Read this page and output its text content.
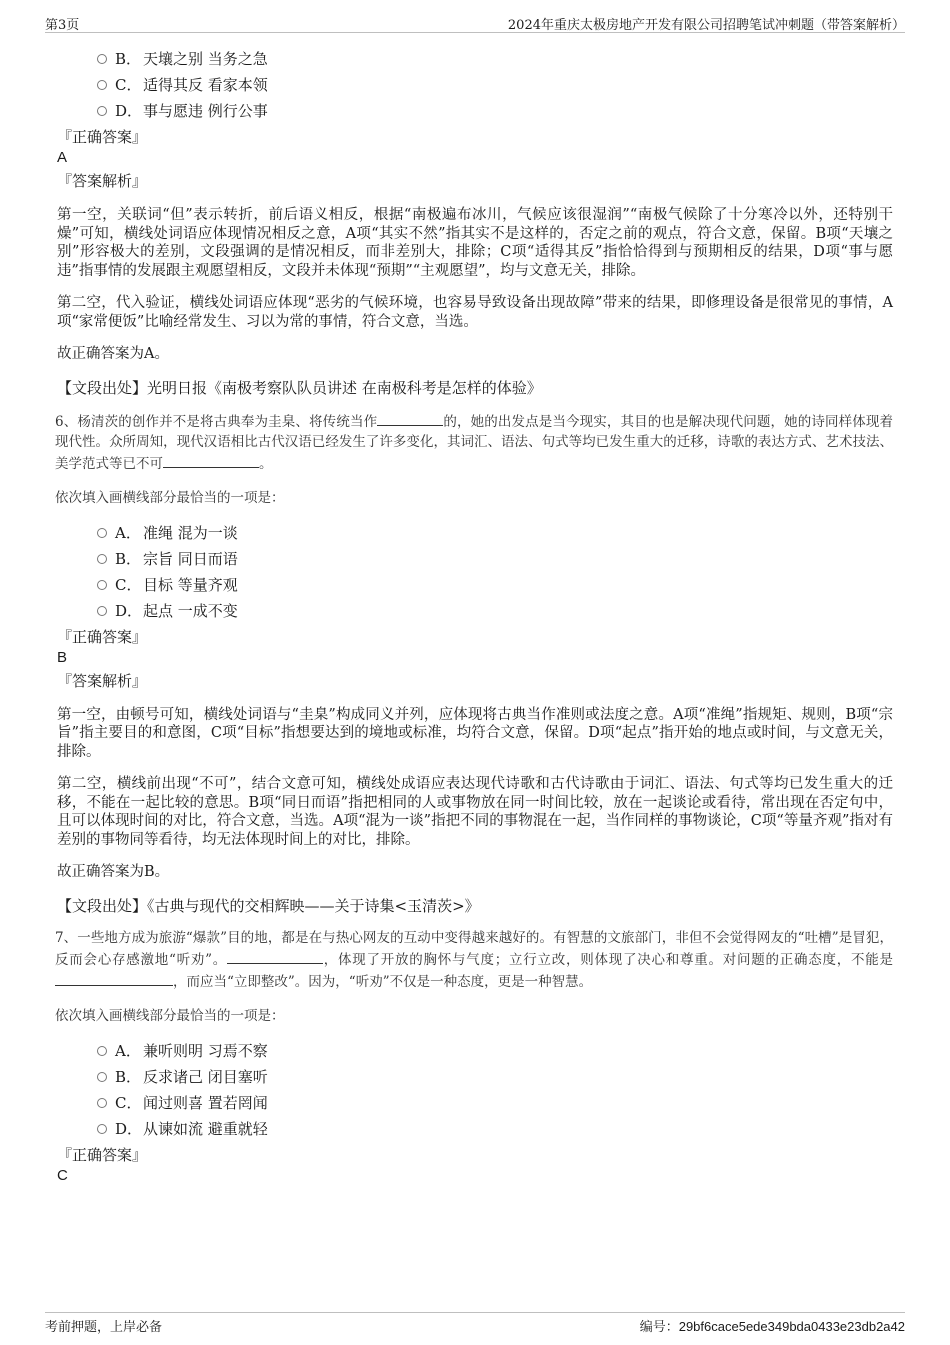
第3页	2024年重庆太极房地产开发有限公司招聘笔试冲刺题（带答案解析）
B． 天壤之别 当务之急
C． 适得其反 看家本领
D．事与愿违 例行公事
『正确答案』
A
『答案解析』

第一空，关联词“但”表示转折，前后语义相反，根据“南极遍布冰川，气候应该很湿润”“南极气候除了十分寒冷以外，还特别干燥”可知，横线处词语应体现情况相反之意，A项“其实不然”指其实不是这样的，否定之前的观点，符合文意，保留。B项“天壤之别”形容极大的差别，文段强调的是情况相反，而非差别大，排除；C项“适得其反”指恰恰得到与预期相反的结果，D项“事与愿违”指事情的发展跟主观愿望相反，文段并未体现“预期”“主观愿望”，均与文意无关，排除。

第二空，代入验证，横线处词语应体现“恶劣的气候环境，也容易导致设备出现故障”带来的结果，即修理设备是很常见的事情，A项“家常便饭”比喻经常发生、习以为常的事情，符合文意，当选。

故正确答案为A。

【文段出处】光明日报《南极考察队队员讲述 在南极科考是怎样的体验》

6、杨清茨的创作并不是将古典奉为圭臬、将传统当作	的，她的出发点是当今现实，其目的也是解决现代问题，她的诗同样体现着现代性。众所周知，现代汉语相比古代汉语已经发生了许多变化，其词汇、语法、句式等均已发生重大的迁移，诗歌的表达方式、艺术技法、美学范式等已不可	。

依次填入画横线部分最恰当的一项是：

A． 准绳 混为一谈
B． 宗旨 同日而语
C． 目标 等量齐观
D．起点 一成不变
『正确答案』
B
『答案解析』

第一空，由顿号可知，横线处词语与“圭臬”构成同义并列，应体现将古典当作准则或法度之意。A项“准绳”指规矩、规则，B项“宗旨”指主要目的和意图，C项“目标”指想要达到的境地或标准，均符合文意，保留。D项“起点”指开始的地点或时间，与文意无关，排除。

第二空，横线前出现“不可”，结合文意可知，横线处成语应表达现代诗歌和古代诗歌由于词汇、语法、句式等均已发生重大的迁移，不能在一起比较的意思。B项“同日而语”指把相同的人或事物放在同一时间比较，放在一起谈论或看待，常出现在否定句中，且可以体现时间的对比，符合文意，当选。A项“混为一谈”指把不同的事物混在一起，当作同样的事物谈论，C项“等量齐观”指对有差别的事物同等看待，均无法体现时间上的对比，排除。

故正确答案为B。

【文段出处】《古典与现代的交相辉映——关于诗集<玉清茨>》

7、一些地方成为旅游“爆款”目的地，都是在与热心网友的互动中变得越来越好的。有智慧的文旅部门，非但不会觉得网友的“吐槽”是冒犯，反而会心存感激地“听劝”。	，体现了开放的胸怀与气度；立行立改，则体现了决心和尊重。对问题的正确态度，不能是，而应当“立即整改”。因为，“听劝”不仅是一种态度，更是一种智慧。

依次填入画横线部分最恰当的一项是：

A． 兼听则明 习焉不察
B． 反求诸己 闭目塞听
C． 闻过则喜 置若罔闻
D．从谏如流 避重就轻
『正确答案』
C
考前押题，上岸必备	编号：29bf6cace5ede349bda0433e23db2a42
